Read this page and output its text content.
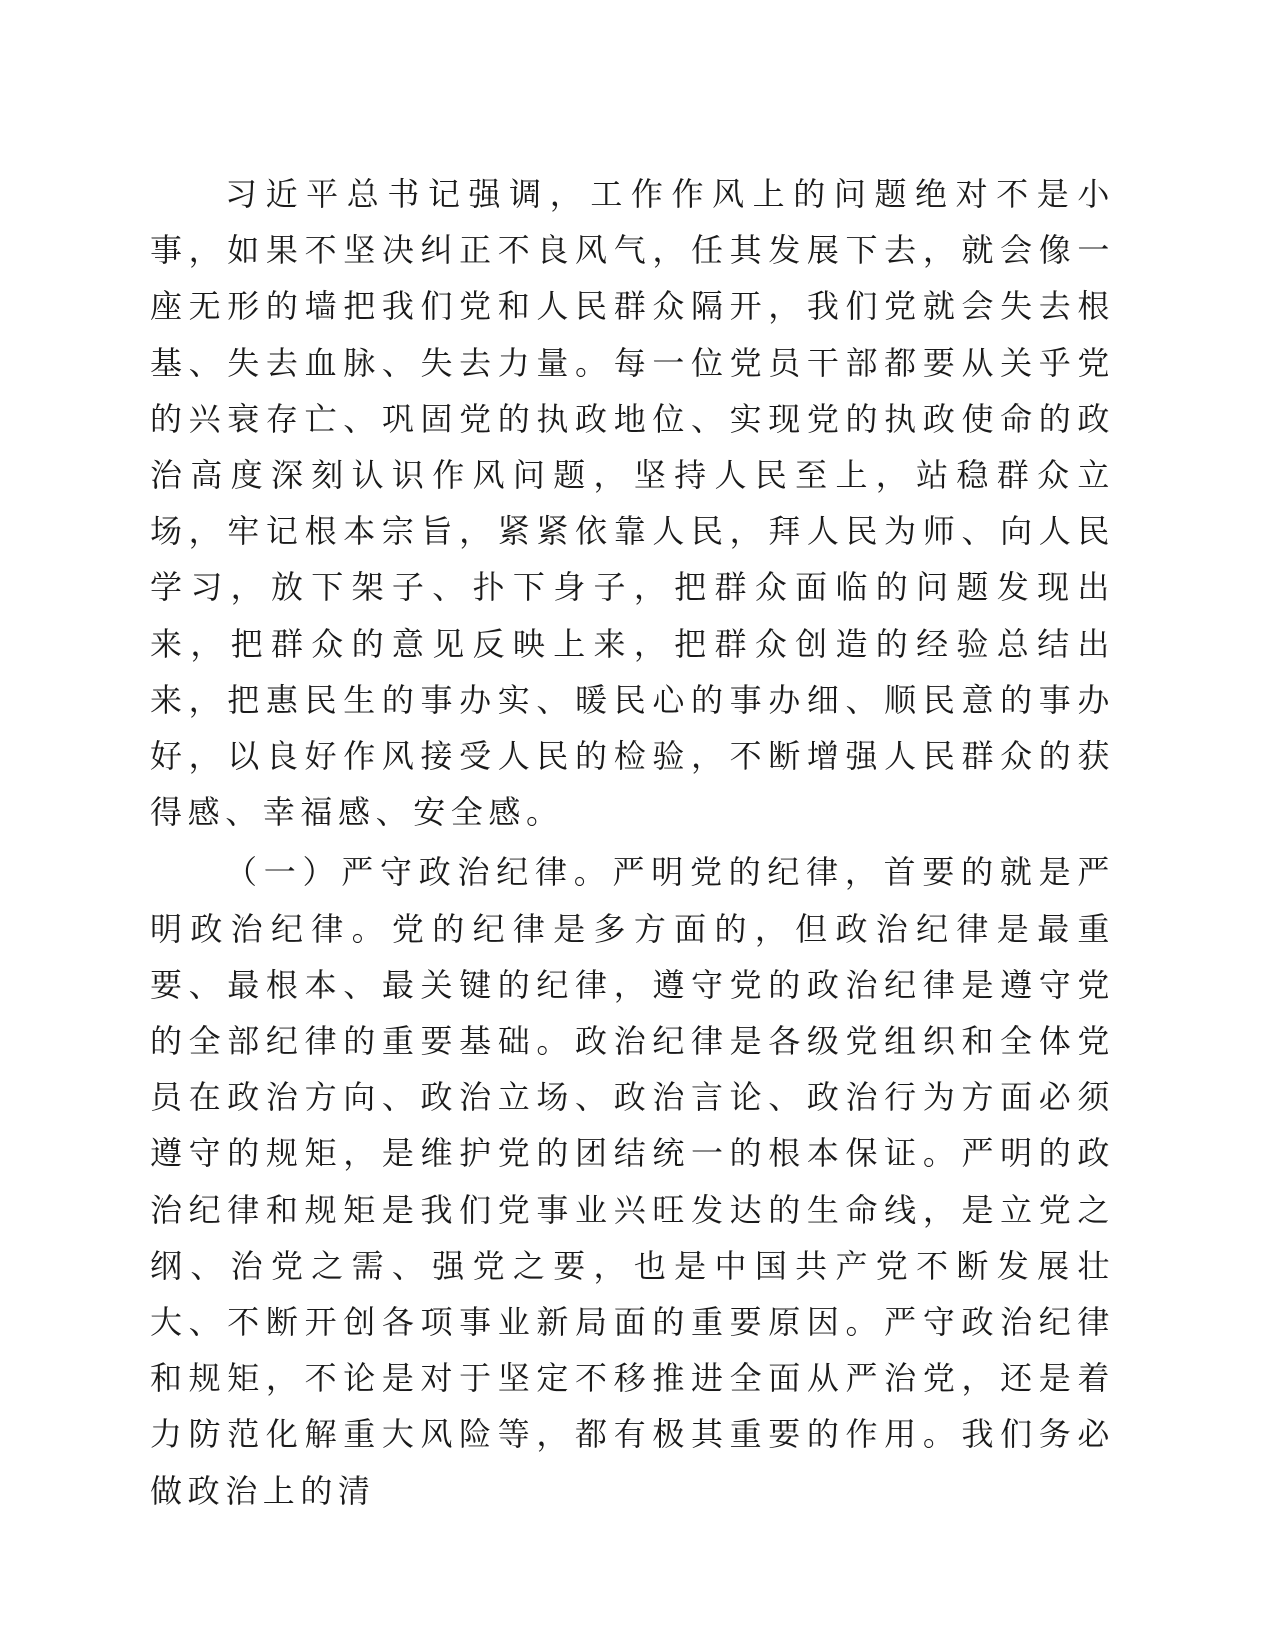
习近平总书记强调，工作作风上的问题绝对不是小事，如果不坚决纠正不良风气，任其发展下去，就会像一座无形的墙把我们党和人民群众隔开，我们党就会失去根基、失去血脉、失去力量。每一位党员干部都要从关乎党的兴衰存亡、巩固党的执政地位、实现党的执政使命的政治高度深刻认识作风问题，坚持人民至上，站稳群众立场，牢记根本宗旨，紧紧依靠人民，拜人民为师、向人民学习，放下架子、扑下身子，把群众面临的问题发现出来，把群众的意见反映上来，把群众创造的经验总结出来，把惠民生的事办实、暖民心的事办细、顺民意的事办好，以良好作风接受人民的检验，不断增强人民群众的获得感、幸福感、安全感。

（一）严守政治纪律。严明党的纪律，首要的就是严明政治纪律。党的纪律是多方面的，但政治纪律是最重要、最根本、最关键的纪律，遵守党的政治纪律是遵守党的全部纪律的重要基础。政治纪律是各级党组织和全体党员在政治方向、政治立场、政治言论、政治行为方面必须遵守的规矩，是维护党的团结统一的根本保证。严明的政治纪律和规矩是我们党事业兴旺发达的生命线，是立党之纲、治党之需、强党之要，也是中国共产党不断发展壮大、不断开创各项事业新局面的重要原因。严守政治纪律和规矩，不论是对于坚定不移推进全面从严治党，还是着力防范化解重大风险等，都有极其重要的作用。我们务必做政治上的清
